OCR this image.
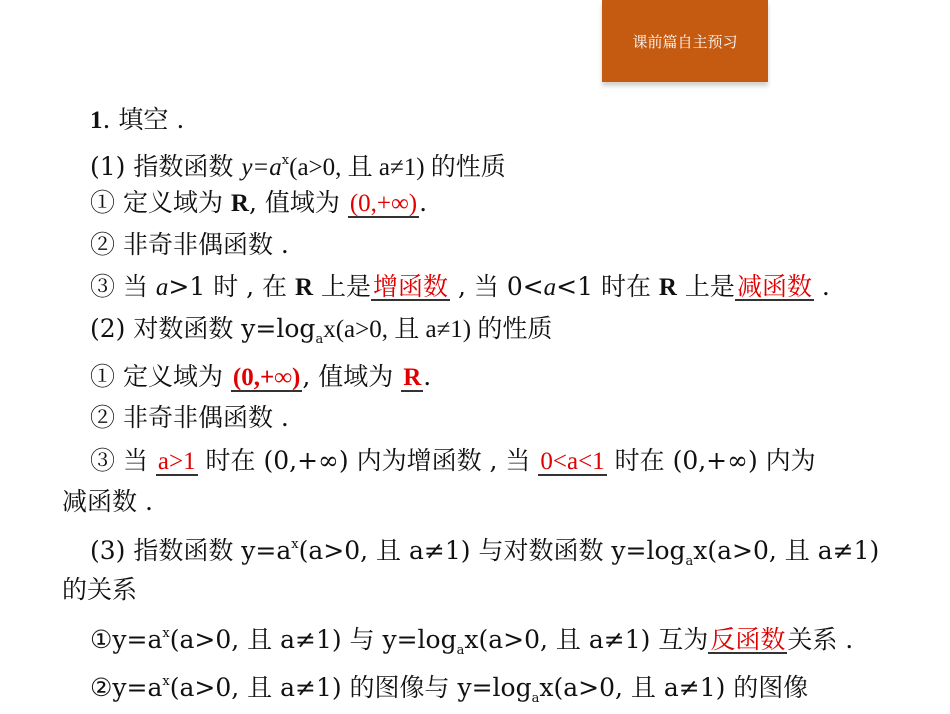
课前篇自主预习
1. 填空 .
(1) 指数函数 $y=a^x(a>0$, 且 a≠1) 的性质
① 定义域为 R, 值域为 (0,+∞).
② 非奇非偶函数 .
③ 当 a>1 时 , 在 R 上是增函数 , 当 0<a<1 时在 R 上是减函数 .
(2) 对数函数 $y=\log_ax(a>0$, 且 a≠1) 的性质
① 定义域为 (0,+∞), 值域为 R.
② 非奇非偶函数 .
③ 当 a>1 时在 (0,+∞) 内为增函数 , 当 0<a<1 时在 (0,+∞) 内为
减函数 .
(3) 指数函数 $y=a^x(a>0$, 且 a≠1) 与对数函数 $y=\log_ax(a>0$, 且 a≠1)
的关系
$①y=a^x(a>0$, 且 a≠1) 与 $y=\log_ax(a>0$, 且 a≠1) 互为反函数关系 .
$②y=a^x(a>0$, 且 a≠1) 的图像与 $y=\log_ax(a>0$, 且 a≠1) 的图像
